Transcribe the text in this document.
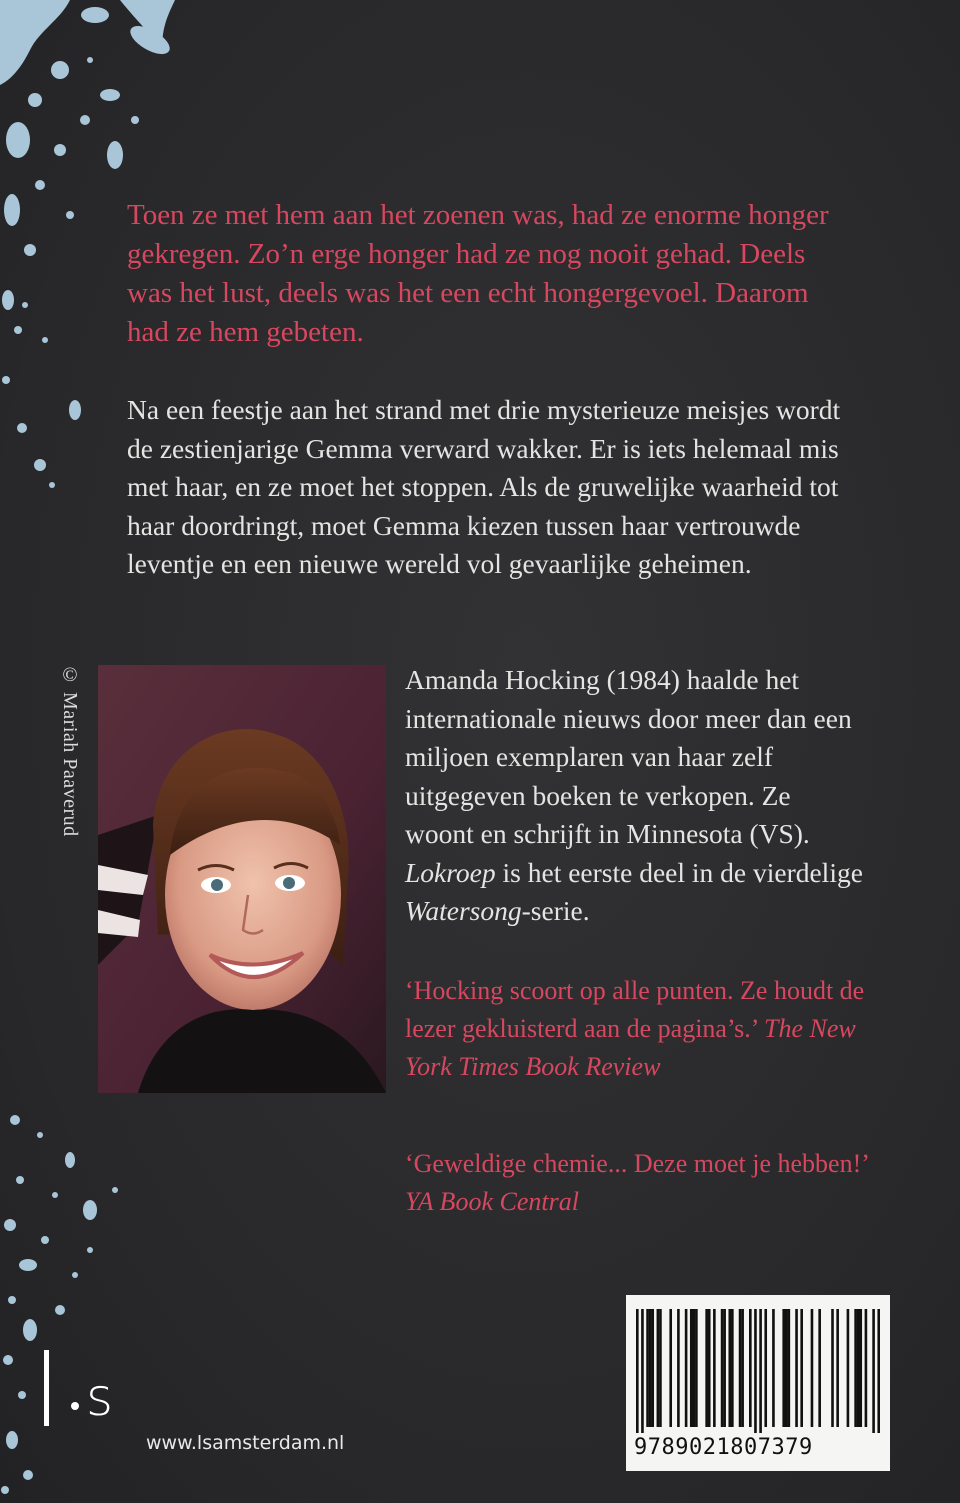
Toen ze met hem aan het zoenen was, had ze enorme honger gekregen. Zo’n erge honger had ze nog nooit gehad. Deels was het lust, deels was het een echt hongergevoel. Daarom had ze hem gebeten.
Na een feestje aan het strand met drie mysterieuze meisjes wordt de zestienjarige Gemma verward wakker. Er is iets helemaal mis met haar, en ze moet het stoppen. Als de gruwelijke waarheid tot haar doordringt, moet Gemma kiezen tussen haar vertrouwde leventje en een nieuwe wereld vol gevaarlijke geheimen.
© Mariah Paaverud	Amanda Hocking (1984) haalde het internationale nieuws door meer dan een miljoen exemplaren van haar zelf uitgegeven boeken te verkopen. Ze woont en schrijft in Minnesota (VS). Lokroep is het eerste deel in de vierdelige Watersong-serie.
‘Hocking scoort op alle punten. Ze houdt de lezer gekluisterd aan de pagina’s.’ The New York Times Book Review
‘Geweldige chemie... Deze moet je hebben!’ YA Book Central
s
www.lsamsterdam.nl	9789021807379
